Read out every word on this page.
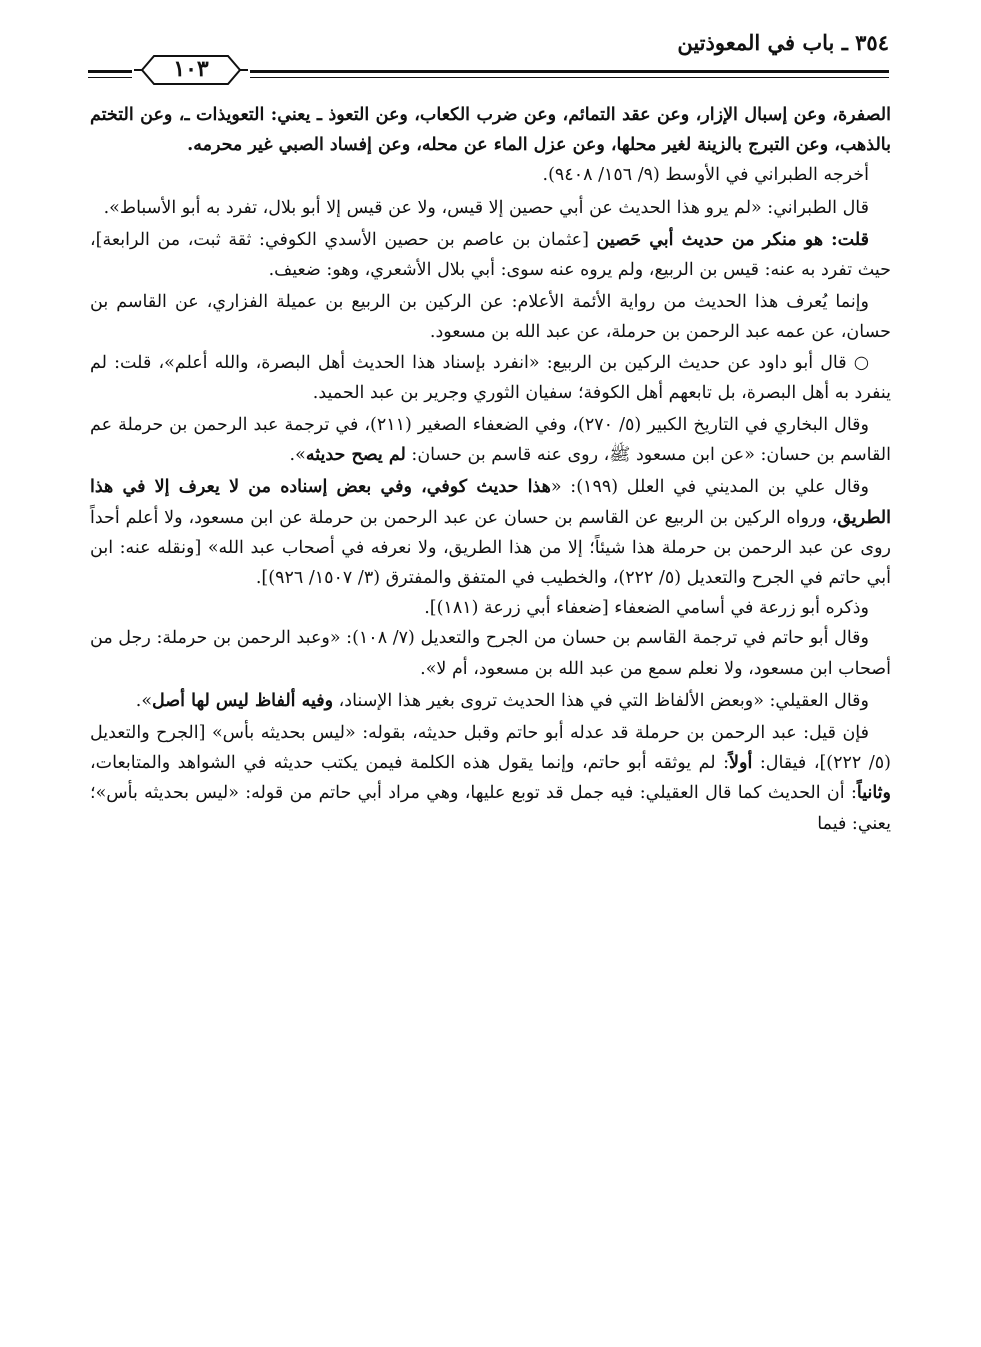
٣٥٤ ـ باب في المعوذتين
١٠٣

الصفرة، وعن إسبال الإزار، وعن عقد التمائم، وعن ضرب الكعاب، وعن التعوذ ـ يعني: التعويذات ـ، وعن التختم بالذهب، وعن التبرج بالزينة لغير محلها، وعن عزل الماء عن محله، وعن إفساد الصبي غير محرمه.

أخرجه الطبراني في الأوسط (٩/ ١٥٦/ ٩٤٠٨).

قال الطبراني: «لم يرو هذا الحديث عن أبي حصين إلا قيس، ولا عن قيس إلا أبو بلال، تفرد به أبو الأسباط».

قلت: هو منكر من حديث أبي حَصين [عثمان بن عاصم بن حصين الأسدي الكوفي: ثقة ثبت، من الرابعة]، حيث تفرد به عنه: قيس بن الربيع، ولم يروه عنه سوى: أبي بلال الأشعري، وهو: ضعيف.

وإنما يُعرف هذا الحديث من رواية الأئمة الأعلام: عن الركين بن الربيع بن عميلة الفزاري، عن القاسم بن حسان، عن عمه عبد الرحمن بن حرملة، عن عبد الله بن مسعود.

○ قال أبو داود عن حديث الركين بن الربيع: «انفرد بإسناد هذا الحديث أهل البصرة، والله أعلم»، قلت: لم ينفرد به أهل البصرة، بل تابعهم أهل الكوفة؛ سفيان الثوري وجرير بن عبد الحميد.

وقال البخاري في التاريخ الكبير (٥/ ٢٧٠)، وفي الضعفاء الصغير (٢١١)، في ترجمة عبد الرحمن بن حرملة عم القاسم بن حسان: «عن ابن مسعود ﷺ، روى عنه قاسم بن حسان: لم يصح حديثه».

وقال علي بن المديني في العلل (١٩٩): «هذا حديث كوفي، وفي بعض إسناده من لا يعرف إلا في هذا الطريق، ورواه الركين بن الربيع عن القاسم بن حسان عن عبد الرحمن بن حرملة عن ابن مسعود، ولا أعلم أحداً روى عن عبد الرحمن بن حرملة هذا شيئاً؛ إلا من هذا الطريق، ولا نعرفه في أصحاب عبد الله» [ونقله عنه: ابن أبي حاتم في الجرح والتعديل (٥/ ٢٢٢)، والخطيب في المتفق والمفترق (٣/ ١٥٠٧/ ٩٢٦)].

وذكره أبو زرعة في أسامي الضعفاء [ضعفاء أبي زرعة (١٨١)].

وقال أبو حاتم في ترجمة القاسم بن حسان من الجرح والتعديل (٧/ ١٠٨): «وعبد الرحمن بن حرملة: رجل من أصحاب ابن مسعود، ولا نعلم سمع من عبد الله بن مسعود، أم لا».

وقال العقيلي: «وبعض الألفاظ التي في هذا الحديث تروى بغير هذا الإسناد، وفيه ألفاظ ليس لها أصل».

فإن قيل: عبد الرحمن بن حرملة قد عدله أبو حاتم وقبل حديثه، بقوله: «ليس بحديثه بأس» [الجرح والتعديل (٥/ ٢٢٢)]، فيقال: أولاً: لم يوثقه أبو حاتم، وإنما يقول هذه الكلمة فيمن يكتب حديثه في الشواهد والمتابعات، وثانياً: أن الحديث كما قال العقيلي: فيه جمل قد توبع عليها، وهي مراد أبي حاتم من قوله: «ليس بحديثه بأس»؛ يعني: فيما
